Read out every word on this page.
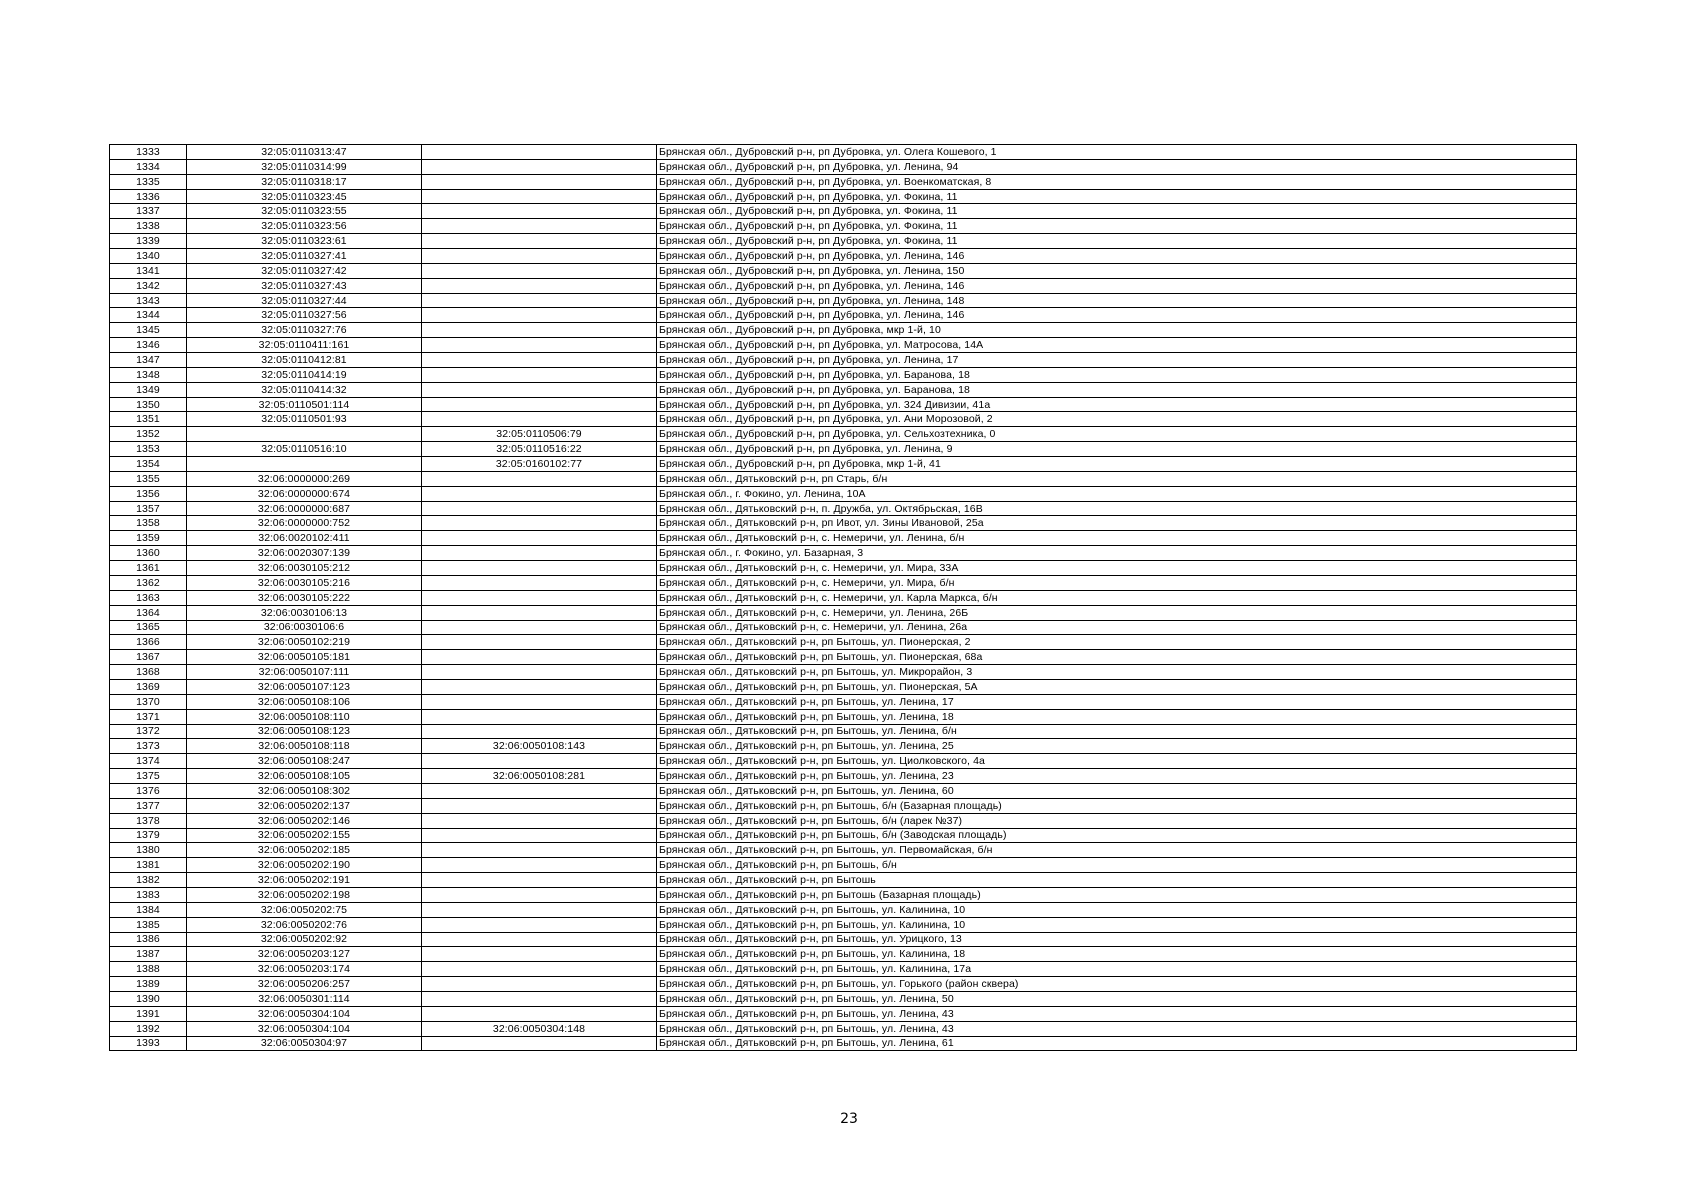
1333	32:05:0110313:47		Брянская обл., Дубровский р-н, рп Дубровка, ул. Олега Кошевого, 1
1334	32:05:0110314:99		Брянская обл., Дубровский р-н, рп Дубровка, ул. Ленина, 94
1335	32:05:0110318:17		Брянская обл., Дубровский р-н, рп Дубровка, ул. Военкоматская, 8
1336	32:05:0110323:45		Брянская обл., Дубровский р-н, рп Дубровка, ул. Фокина, 11
1337	32:05:0110323:55		Брянская обл., Дубровский р-н, рп Дубровка, ул. Фокина, 11
1338	32:05:0110323:56		Брянская обл., Дубровский р-н, рп Дубровка, ул. Фокина, 11
1339	32:05:0110323:61		Брянская обл., Дубровский р-н, рп Дубровка, ул. Фокина, 11
1340	32:05:0110327:41		Брянская обл., Дубровский р-н, рп Дубровка, ул. Ленина, 146
1341	32:05:0110327:42		Брянская обл., Дубровский р-н, рп Дубровка, ул. Ленина, 150
1342	32:05:0110327:43		Брянская обл., Дубровский р-н, рп Дубровка, ул. Ленина, 146
1343	32:05:0110327:44		Брянская обл., Дубровский р-н, рп Дубровка, ул. Ленина, 148
1344	32:05:0110327:56		Брянская обл., Дубровский р-н, рп Дубровка, ул. Ленина, 146
1345	32:05:0110327:76		Брянская обл., Дубровский р-н, рп Дубровка, мкр 1-й, 10
1346	32:05:0110411:161		Брянская обл., Дубровский р-н, рп Дубровка, ул. Матросова, 14А
1347	32:05:0110412:81		Брянская обл., Дубровский р-н, рп Дубровка, ул. Ленина, 17
1348	32:05:0110414:19		Брянская обл., Дубровский р-н, рп Дубровка, ул. Баранова, 18
1349	32:05:0110414:32		Брянская обл., Дубровский р-н, рп Дубровка, ул. Баранова, 18
1350	32:05:0110501:114		Брянская обл., Дубровский р-н, рп Дубровка, ул. 324 Дивизии, 41а
1351	32:05:0110501:93		Брянская обл., Дубровский р-н, рп Дубровка, ул. Ани Морозовой, 2
1352		32:05:0110506:79	Брянская обл., Дубровский р-н, рп Дубровка, ул. Сельхозтехника, 0
1353	32:05:0110516:10	32:05:0110516:22	Брянская обл., Дубровский р-н, рп Дубровка, ул. Ленина, 9
1354		32:05:0160102:77	Брянская обл., Дубровский р-н, рп Дубровка, мкр 1-й, 41
1355	32:06:0000000:269		Брянская обл., Дятьковский р-н, рп Старь, б/н
1356	32:06:0000000:674		Брянская обл., г. Фокино, ул. Ленина, 10А
1357	32:06:0000000:687		Брянская обл., Дятьковский р-н, п. Дружба, ул. Октябрьская, 16В
1358	32:06:0000000:752		Брянская обл., Дятьковский р-н, рп Ивот, ул. Зины Ивановой, 25а
1359	32:06:0020102:411		Брянская обл., Дятьковский р-н, с. Немеричи, ул. Ленина, б/н
1360	32:06:0020307:139		Брянская обл., г. Фокино, ул. Базарная, 3
1361	32:06:0030105:212		Брянская обл., Дятьковский р-н, с. Немеричи, ул. Мира, 33А
1362	32:06:0030105:216		Брянская обл., Дятьковский р-н, с. Немеричи, ул. Мира, б/н
1363	32:06:0030105:222		Брянская обл., Дятьковский р-н, с. Немеричи, ул. Карла Маркса, б/н
1364	32:06:0030106:13		Брянская обл., Дятьковский р-н, с. Немеричи, ул. Ленина, 26Б
1365	32:06:0030106:6		Брянская обл., Дятьковский р-н, с. Немеричи, ул. Ленина, 26а
1366	32:06:0050102:219		Брянская обл., Дятьковский р-н, рп Бытошь, ул. Пионерская, 2
1367	32:06:0050105:181		Брянская обл., Дятьковский р-н, рп Бытошь, ул. Пионерская, 68а
1368	32:06:0050107:111		Брянская обл., Дятьковский р-н, рп Бытошь, ул. Микрорайон, 3
1369	32:06:0050107:123		Брянская обл., Дятьковский р-н, рп Бытошь, ул. Пионерская, 5А
1370	32:06:0050108:106		Брянская обл., Дятьковский р-н, рп Бытошь, ул. Ленина, 17
1371	32:06:0050108:110		Брянская обл., Дятьковский р-н, рп Бытошь, ул. Ленина, 18
1372	32:06:0050108:123		Брянская обл., Дятьковский р-н, рп Бытошь, ул. Ленина, б/н
1373	32:06:0050108:118	32:06:0050108:143	Брянская обл., Дятьковский р-н, рп Бытошь, ул. Ленина, 25
1374	32:06:0050108:247		Брянская обл., Дятьковский р-н, рп Бытошь, ул. Циолковского, 4а
1375	32:06:0050108:105	32:06:0050108:281	Брянская обл., Дятьковский р-н, рп Бытошь, ул. Ленина, 23
1376	32:06:0050108:302		Брянская обл., Дятьковский р-н, рп Бытошь, ул. Ленина, 60
1377	32:06:0050202:137		Брянская обл., Дятьковский р-н, рп Бытошь, б/н (Базарная площадь)
1378	32:06:0050202:146		Брянская обл., Дятьковский р-н, рп Бытошь, б/н (ларек №37)
1379	32:06:0050202:155		Брянская обл., Дятьковский р-н, рп Бытошь, б/н (Заводская площадь)
1380	32:06:0050202:185		Брянская обл., Дятьковский р-н, рп Бытошь, ул. Первомайская, б/н
1381	32:06:0050202:190		Брянская обл., Дятьковский р-н, рп Бытошь, б/н
1382	32:06:0050202:191		Брянская обл., Дятьковский р-н, рп Бытошь
1383	32:06:0050202:198		Брянская обл., Дятьковский р-н, рп Бытошь (Базарная площадь)
1384	32:06:0050202:75		Брянская обл., Дятьковский р-н, рп Бытошь, ул. Калинина, 10
1385	32:06:0050202:76		Брянская обл., Дятьковский р-н, рп Бытошь, ул. Калинина, 10
1386	32:06:0050202:92		Брянская обл., Дятьковский р-н, рп Бытошь, ул. Урицкого, 13
1387	32:06:0050203:127		Брянская обл., Дятьковский р-н, рп Бытошь, ул. Калинина, 18
1388	32:06:0050203:174		Брянская обл., Дятьковский р-н, рп Бытошь, ул. Калинина, 17а
1389	32:06:0050206:257		Брянская обл., Дятьковский р-н, рп Бытошь, ул. Горького (район сквера)
1390	32:06:0050301:114		Брянская обл., Дятьковский р-н, рп Бытошь, ул. Ленина, 50
1391	32:06:0050304:104		Брянская обл., Дятьковский р-н, рп Бытошь, ул. Ленина, 43
1392	32:06:0050304:104	32:06:0050304:148	Брянская обл., Дятьковский р-н, рп Бытошь, ул. Ленина, 43
1393	32:06:0050304:97		Брянская обл., Дятьковский р-н, рп Бытошь, ул. Ленина, 61
23
